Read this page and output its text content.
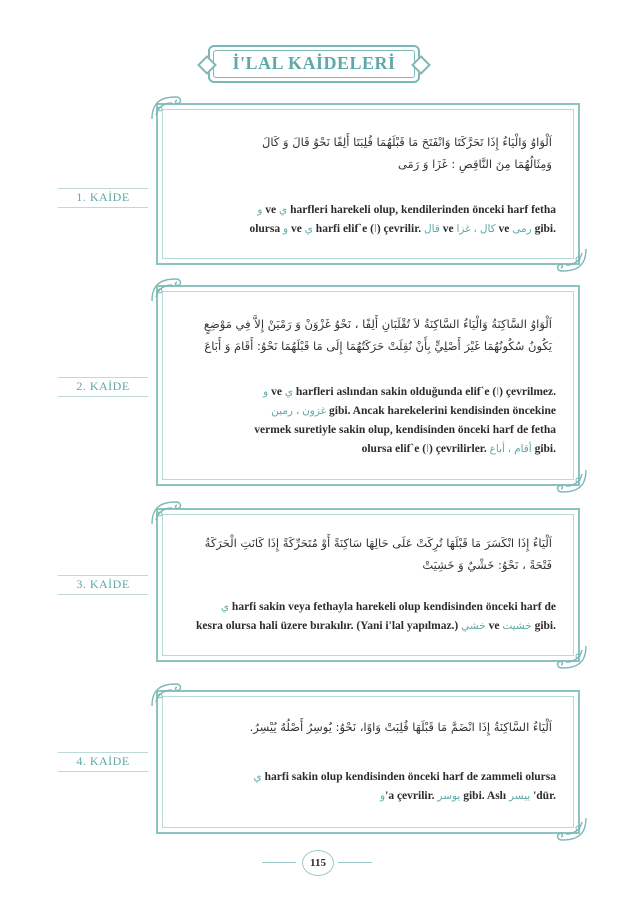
İ'LAL KAİDELERİ
1. KAİDE
اَلْوَاوُ وَالْيَاءُ إِذَا تَحَرَّكَتَا وَانْفَتَحَ مَا قَبْلَهُمَا قُلِبَتَا أَلِفًا نَحْوُ قَالَ وَ كَالَ
وَمِثَالُهُمَا مِنَ النَّاقِصِ : غَزَا وَ رَمَى
و ve ي harfleri harekeli olup, kendilerinden önceki harf fetha
olursa و ve ي harfi elif`e (ا) çevrilir. قال ve كال ، غزا ve رمى gibi.
2. KAİDE
اَلْوَاوُ السَّاكِنَةُ وَالْيَاءُ السَّاكِنَةُ لاَ تُقْلَبَانِ أَلِفًا ، نَحْوُ غَزْوَنْ وَ رَمْيَنْ إِلاَّ فِي مَوْضِعٍ
يَكُونُ سُكُونُهُمَا غَيْرَ أَصْلِيٍّ بِأَنْ نُقِلَتْ حَرَكَتُهُمَا إِلَى مَا قَبْلَهُمَا نَحْوُ: أَقَامَ وَ أَبَاعَ
و ve ي harfleri aslından sakin olduğunda elif`e (ا) çevrilmez.
غزون ، رمين	gibi. Ancak harekelerini kendisinden öncekine
vermek suretiyle sakin olup, kendisinden önceki harf de fetha
olursa elif`e (ا) çevrilirler.	أقام ، أباع	gibi.
3. KAİDE
اَلْيَاءُ إِذَا انْكَسَرَ مَا قَبْلَهَا تُرِكَتْ عَلَى حَالِهَا سَاكِنَةً أَوْ مُتَحَرِّكَةً إِذَا كَانَتِ الْحَرَكَةُ
فَتْحَةً ، نَحْوُ: خَشْيٌ وَ خَشِيَتْ
ي harfi sakin veya fethayla harekeli olup kendisinden önceki harf de
kesra olursa hali üzere bırakılır. (Yani i'lal yapılmaz.) خشي ve خشيت gibi.
4. KAİDE
اَلْيَاءُ السَّاكِنَةُ إِذَا انْضَمَّ مَا قَبْلَهَا قُلِبَتْ وَاوًا، نَحْوُ: يُوسِرُ أَصْلُهُ يُيْسِرُ.
ي harfi sakin olup kendisinden önceki harf de zammeli olursa
و'a çevrilir. يوسر gibi. Aslı ييسر 'dür.
115
